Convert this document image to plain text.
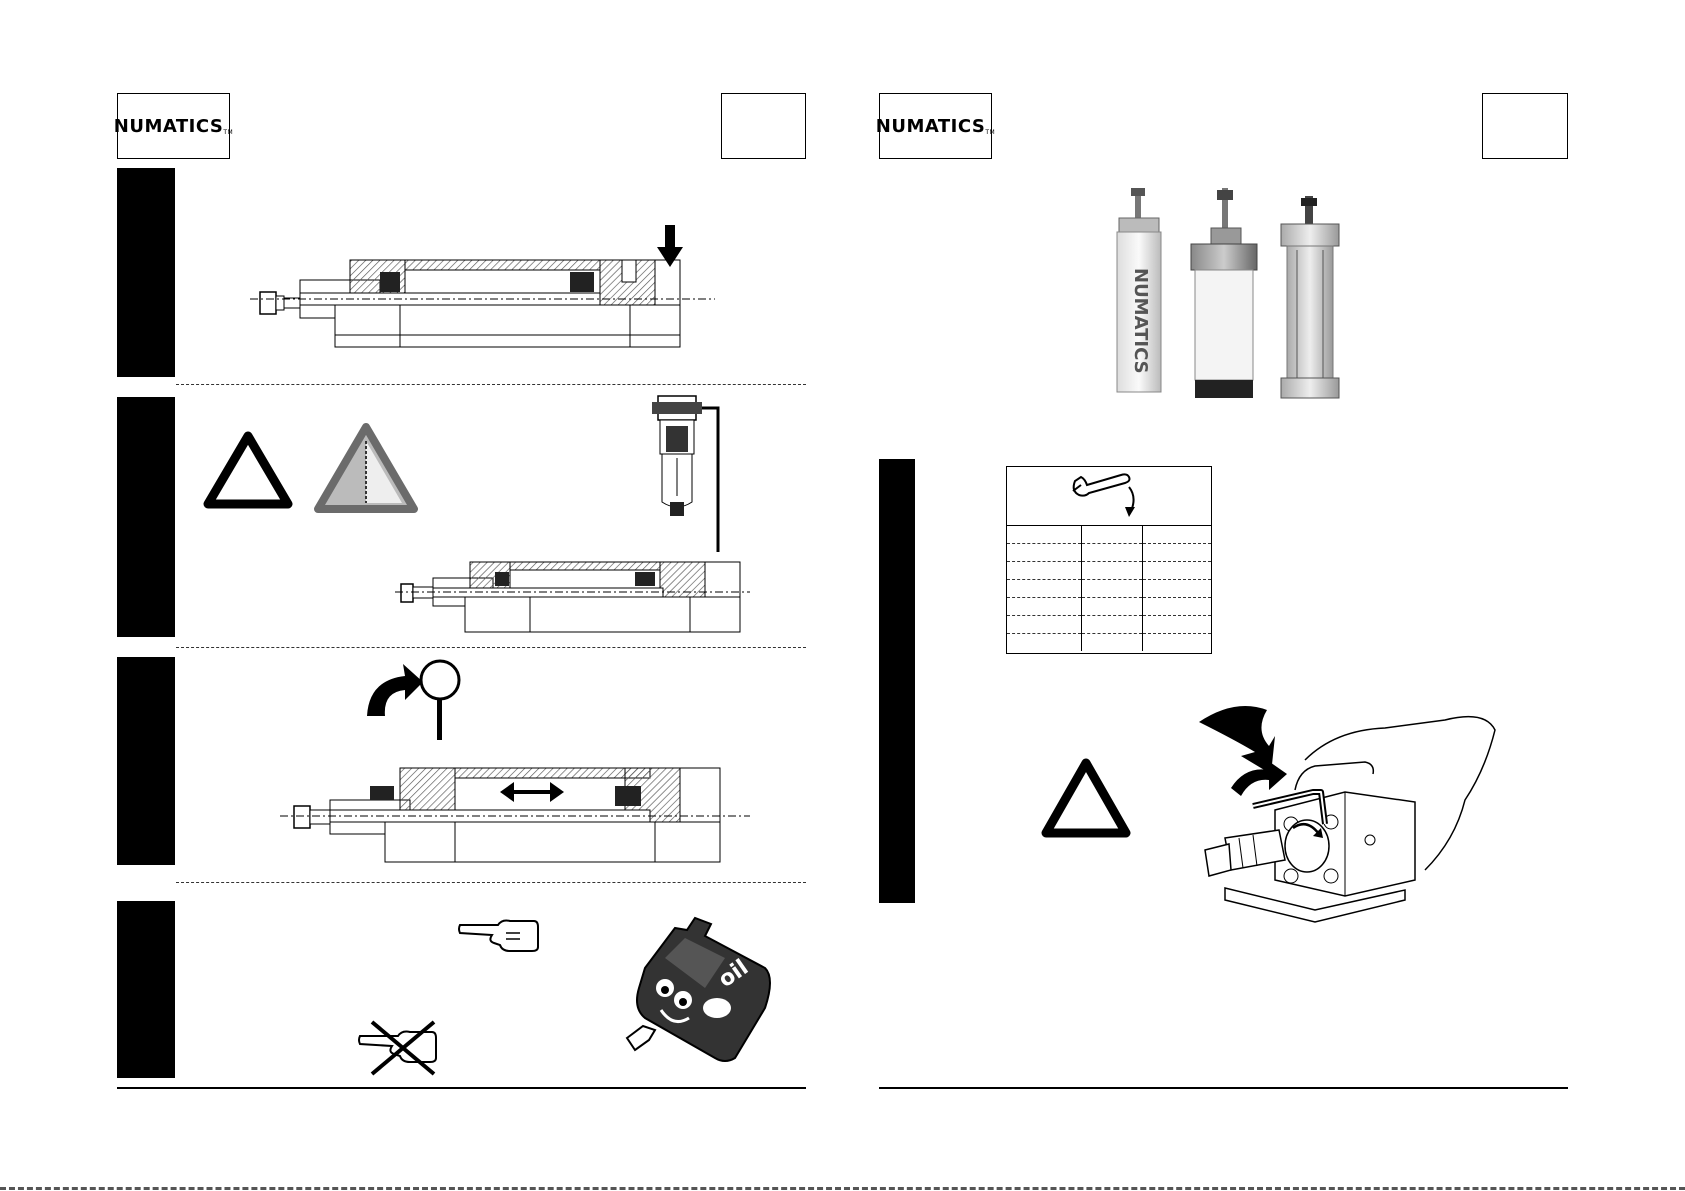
$NUMATICS_{TM}$
oil
$NUMATICS_{TM}$
NUMATICS
